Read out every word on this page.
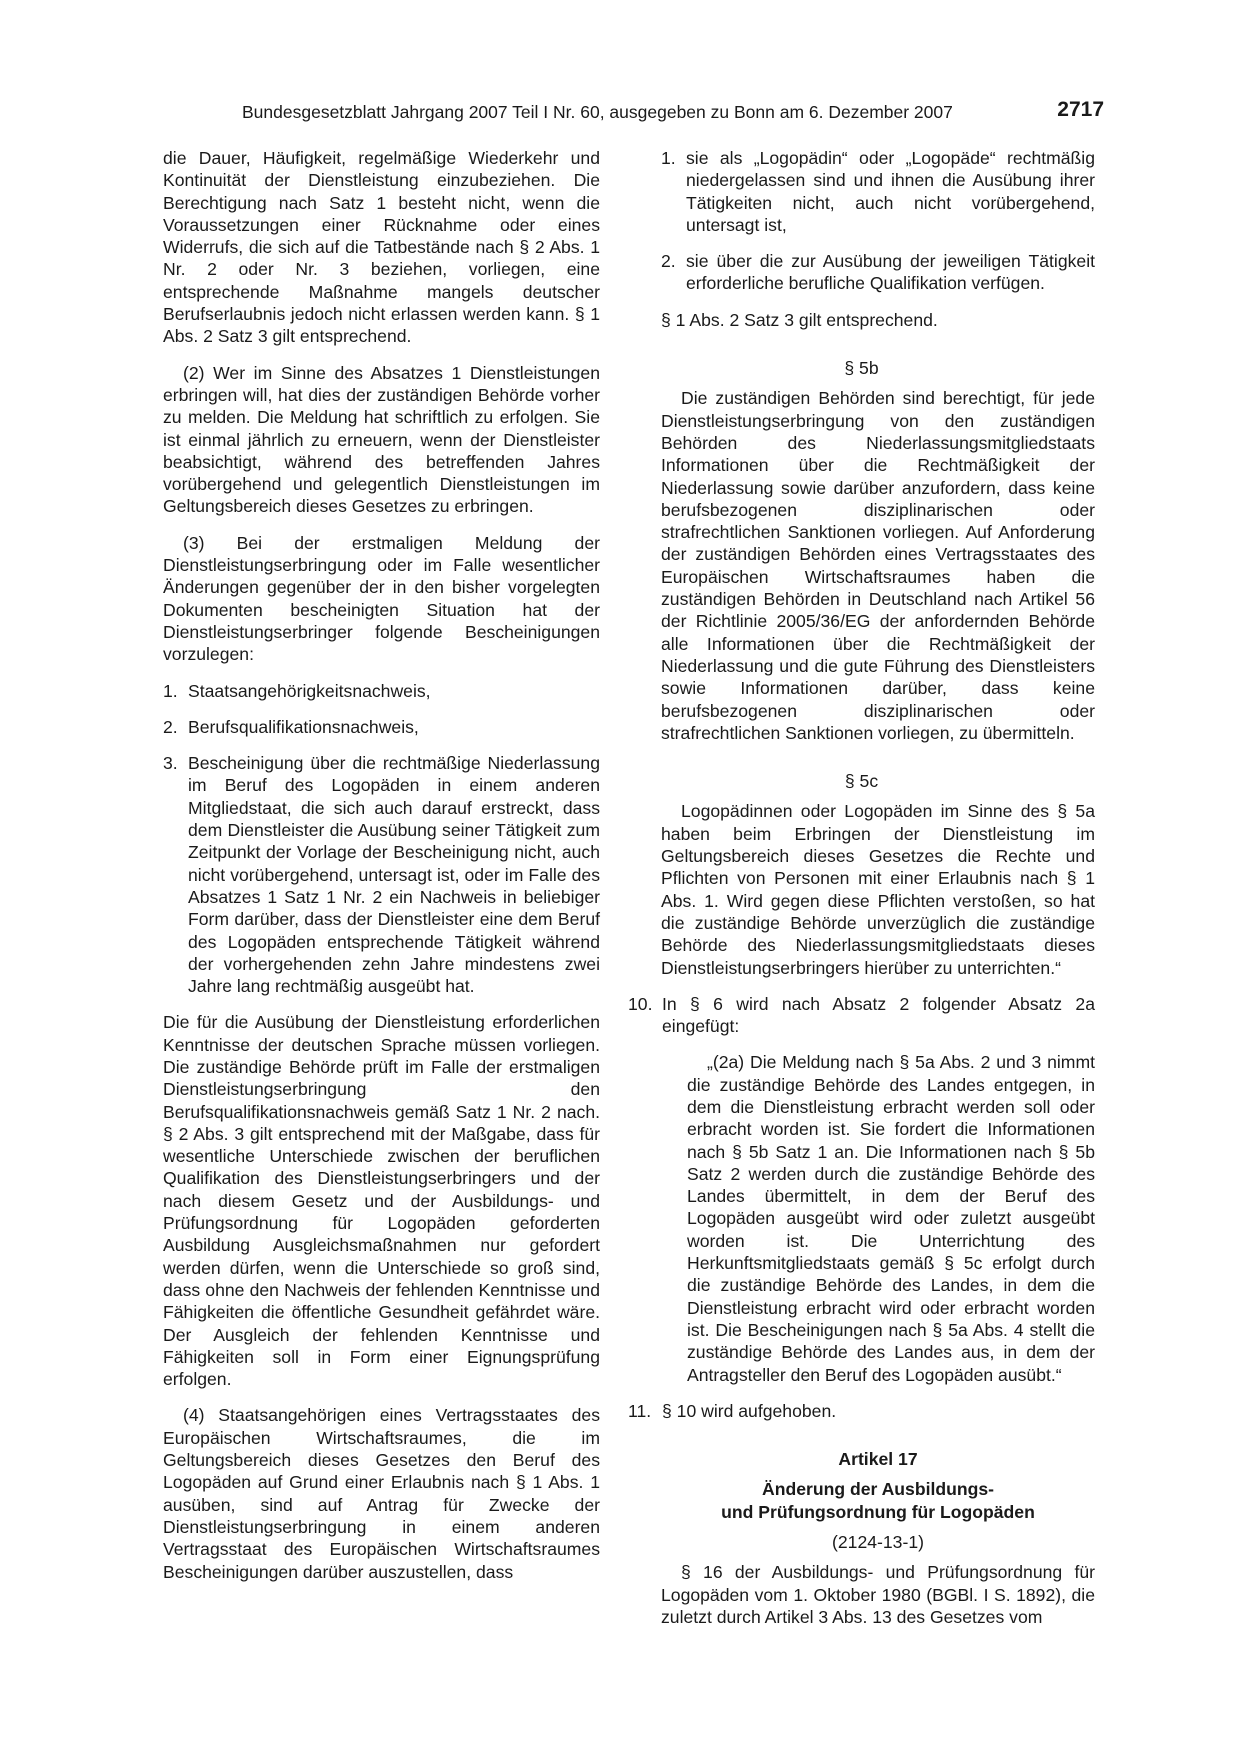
Bundesgesetzblatt Jahrgang 2007 Teil I Nr. 60, ausgegeben zu Bonn am 6. Dezember 2007	2717

die Dauer, Häufigkeit, regelmäßige Wiederkehr und Kontinuität der Dienstleistung einzubeziehen. Die Berechtigung nach Satz 1 besteht nicht, wenn die Voraussetzungen einer Rücknahme oder eines Widerrufs, die sich auf die Tatbestände nach § 2 Abs. 1 Nr. 2 oder Nr. 3 beziehen, vorliegen, eine entsprechende Maßnahme mangels deutscher Berufserlaubnis jedoch nicht erlassen werden kann. § 1 Abs. 2 Satz 3 gilt entsprechend.

(2) Wer im Sinne des Absatzes 1 Dienstleistungen erbringen will, hat dies der zuständigen Behörde vorher zu melden. Die Meldung hat schriftlich zu erfolgen. Sie ist einmal jährlich zu erneuern, wenn der Dienstleister beabsichtigt, während des betreffenden Jahres vorübergehend und gelegentlich Dienstleistungen im Geltungsbereich dieses Gesetzes zu erbringen.

(3) Bei der erstmaligen Meldung der Dienstleistungserbringung oder im Falle wesentlicher Änderungen gegenüber der in den bisher vorgelegten Dokumenten bescheinigten Situation hat der Dienstleistungserbringer folgende Bescheinigungen vorzulegen:

1. Staatsangehörigkeitsnachweis,
2. Berufsqualifikationsnachweis,
3. Bescheinigung über die rechtmäßige Niederlassung im Beruf des Logopäden in einem anderen Mitgliedstaat, die sich auch darauf erstreckt, dass dem Dienstleister die Ausübung seiner Tätigkeit zum Zeitpunkt der Vorlage der Bescheinigung nicht, auch nicht vorübergehend, untersagt ist, oder im Falle des Absatzes 1 Satz 1 Nr. 2 ein Nachweis in beliebiger Form darüber, dass der Dienstleister eine dem Beruf des Logopäden entsprechende Tätigkeit während der vorhergehenden zehn Jahre mindestens zwei Jahre lang rechtmäßig ausgeübt hat.

Die für die Ausübung der Dienstleistung erforderlichen Kenntnisse der deutschen Sprache müssen vorliegen. Die zuständige Behörde prüft im Falle der erstmaligen Dienstleistungserbringung den Berufsqualifikationsnachweis gemäß Satz 1 Nr. 2 nach. § 2 Abs. 3 gilt entsprechend mit der Maßgabe, dass für wesentliche Unterschiede zwischen der beruflichen Qualifikation des Dienstleistungserbringers und der nach diesem Gesetz und der Ausbildungs- und Prüfungsordnung für Logopäden geforderten Ausbildung Ausgleichsmaßnahmen nur gefordert werden dürfen, wenn die Unterschiede so groß sind, dass ohne den Nachweis der fehlenden Kenntnisse und Fähigkeiten die öffentliche Gesundheit gefährdet wäre. Der Ausgleich der fehlenden Kenntnisse und Fähigkeiten soll in Form einer Eignungsprüfung erfolgen.

(4) Staatsangehörigen eines Vertragsstaates des Europäischen Wirtschaftsraumes, die im Geltungsbereich dieses Gesetzes den Beruf des Logopäden auf Grund einer Erlaubnis nach § 1 Abs. 1 ausüben, sind auf Antrag für Zwecke der Dienstleistungserbringung in einem anderen Vertragsstaat des Europäischen Wirtschaftsraumes Bescheinigungen darüber auszustellen, dass

1. sie als „Logopädin“ oder „Logopäde“ rechtmäßig niedergelassen sind und ihnen die Ausübung ihrer Tätigkeiten nicht, auch nicht vorübergehend, untersagt ist,
2. sie über die zur Ausübung der jeweiligen Tätigkeit erforderliche berufliche Qualifikation verfügen.

§ 1 Abs. 2 Satz 3 gilt entsprechend.

§ 5b

Die zuständigen Behörden sind berechtigt, für jede Dienstleistungserbringung von den zuständigen Behörden des Niederlassungsmitgliedstaats Informationen über die Rechtmäßigkeit der Niederlassung sowie darüber anzufordern, dass keine berufsbezogenen disziplinarischen oder strafrechtlichen Sanktionen vorliegen. Auf Anforderung der zuständigen Behörden eines Vertragsstaates des Europäischen Wirtschaftsraumes haben die zuständigen Behörden in Deutschland nach Artikel 56 der Richtlinie 2005/36/EG der anfordernden Behörde alle Informationen über die Rechtmäßigkeit der Niederlassung und die gute Führung des Dienstleisters sowie Informationen darüber, dass keine berufsbezogenen disziplinarischen oder strafrechtlichen Sanktionen vorliegen, zu übermitteln.

§ 5c

Logopädinnen oder Logopäden im Sinne des § 5a haben beim Erbringen der Dienstleistung im Geltungsbereich dieses Gesetzes die Rechte und Pflichten von Personen mit einer Erlaubnis nach § 1 Abs. 1. Wird gegen diese Pflichten verstoßen, so hat die zuständige Behörde unverzüglich die zuständige Behörde des Niederlassungsmitgliedstaats dieses Dienstleistungserbringers hierüber zu unterrichten.“

10. In § 6 wird nach Absatz 2 folgender Absatz 2a eingefügt:

„(2a) Die Meldung nach § 5a Abs. 2 und 3 nimmt die zuständige Behörde des Landes entgegen, in dem die Dienstleistung erbracht werden soll oder erbracht worden ist. Sie fordert die Informationen nach § 5b Satz 1 an. Die Informationen nach § 5b Satz 2 werden durch die zuständige Behörde des Landes übermittelt, in dem der Beruf des Logopäden ausgeübt wird oder zuletzt ausgeübt worden ist. Die Unterrichtung des Herkunftsmitgliedstaats gemäß § 5c erfolgt durch die zuständige Behörde des Landes, in dem die Dienstleistung erbracht wird oder erbracht worden ist. Die Bescheinigungen nach § 5a Abs. 4 stellt die zuständige Behörde des Landes aus, in dem der Antragsteller den Beruf des Logopäden ausübt.“

11. § 10 wird aufgehoben.
Artikel 17
Änderung der Ausbildungs-
und Prüfungsordnung für Logopäden
(2124-13-1)

§ 16 der Ausbildungs- und Prüfungsordnung für Logopäden vom 1. Oktober 1980 (BGBl. I S. 1892), die zuletzt durch Artikel 3 Abs. 13 des Gesetzes vom
